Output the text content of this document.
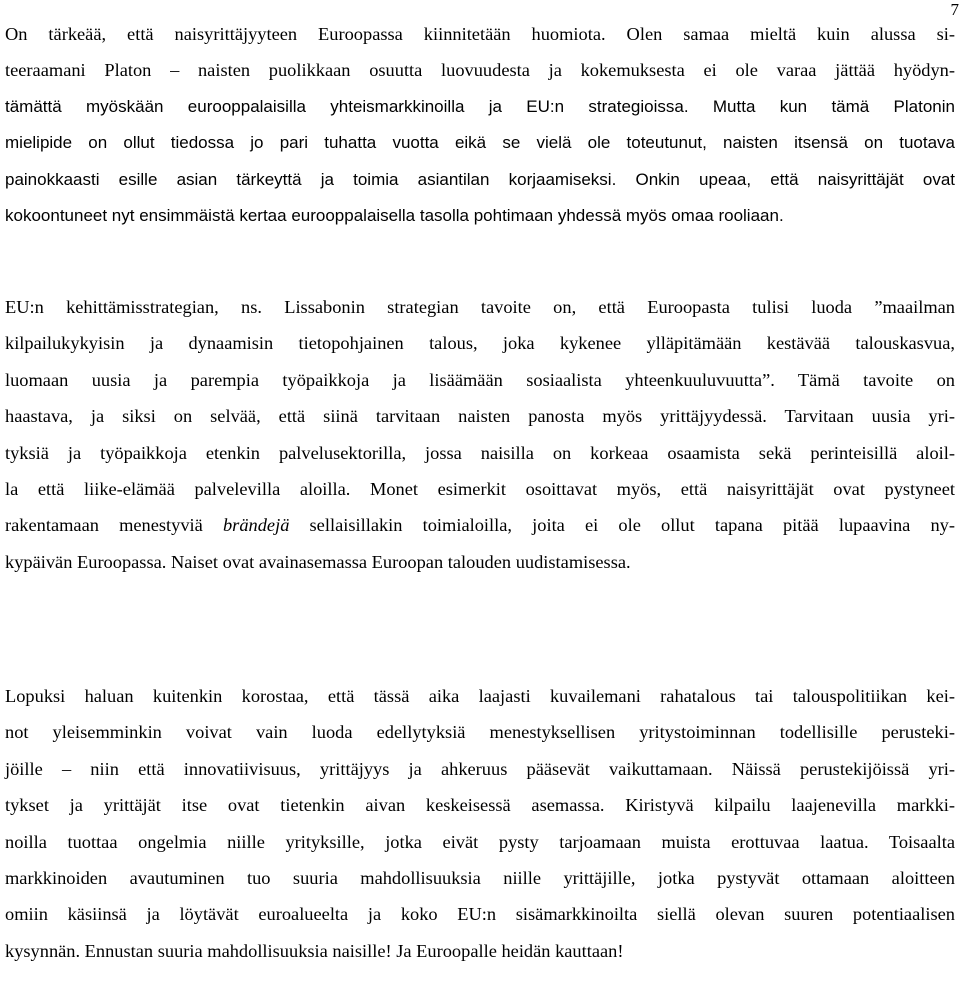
7
On tärkeää, että naisyrittäjyyteen Euroopassa kiinnitetään huomiota. Olen samaa mieltä kuin alussa si-
teeraamani Platon – naisten puolikkaan osuutta luovuudesta ja kokemuksesta ei ole varaa jättää hyödyn-
tämättä myöskään eurooppalaisilla yhteismarkkinoilla ja EU:n strategioissa. Mutta kun tämä Platonin
mielipide on ollut tiedossa jo pari tuhatta vuotta eikä se vielä ole toteutunut, naisten itsensä on tuotava
painokkaasti esille asian tärkeyttä ja toimia asiantilan korjaamiseksi. Onkin upeaa, että naisyrittäjät ovat
kokoontuneet nyt ensimmäistä kertaa eurooppalaisella tasolla pohtimaan yhdessä myös omaa rooliaan.
EU:n kehittämisstrategian, ns. Lissabonin strategian tavoite on, että Euroopasta tulisi luoda ”maailman
kilpailukykyisin ja dynaamisin tietopohjainen talous, joka kykenee ylläpitämään kestävää talouskasvua,
luomaan uusia ja parempia työpaikkoja ja lisäämään sosiaalista yhteenkuuluvuutta”. Tämä tavoite on
haastava, ja siksi on selvää, että siinä tarvitaan naisten panosta myös yrittäjyydessä. Tarvitaan uusia yri-
tyksiä ja työpaikkoja etenkin palvelusektorilla, jossa naisilla on korkeaa osaamista sekä perinteisillä aloil-
la että liike-elämää palvelevilla aloilla. Monet esimerkit osoittavat myös, että naisyrittäjät ovat pystyneet
rakentamaan menestyviä brändejä sellaisillakin toimialoilla, joita ei ole ollut tapana pitää lupaavina ny-
kypäivän Euroopassa. Naiset ovat avainasemassa Euroopan talouden uudistamisessa.
Lopuksi haluan kuitenkin korostaa, että tässä aika laajasti kuvailemani rahatalous tai talouspolitiikan kei-
not yleisemminkin voivat vain luoda edellytyksiä menestyksellisen yritystoiminnan todellisille perusteki-
jöille – niin että innovatiivisuus, yrittäjyys ja ahkeruus pääsevät vaikuttamaan. Näissä perustekijöissä yri-
tykset ja yrittäjät itse ovat tietenkin aivan keskeisessä asemassa. Kiristyvä kilpailu laajenevilla markki-
noilla tuottaa ongelmia niille yrityksille, jotka eivät pysty tarjoamaan muista erottuvaa laatua. Toisaalta
markkinoiden avautuminen tuo suuria mahdollisuuksia niille yrittäjille, jotka pystyvät ottamaan aloitteen
omiin käsiinsä ja löytävät euroalueelta ja koko EU:n sisämarkkinoilta siellä olevan suuren potentiaalisen
kysynnän. Ennustan suuria mahdollisuuksia naisille! Ja Euroopalle heidän kauttaan!
